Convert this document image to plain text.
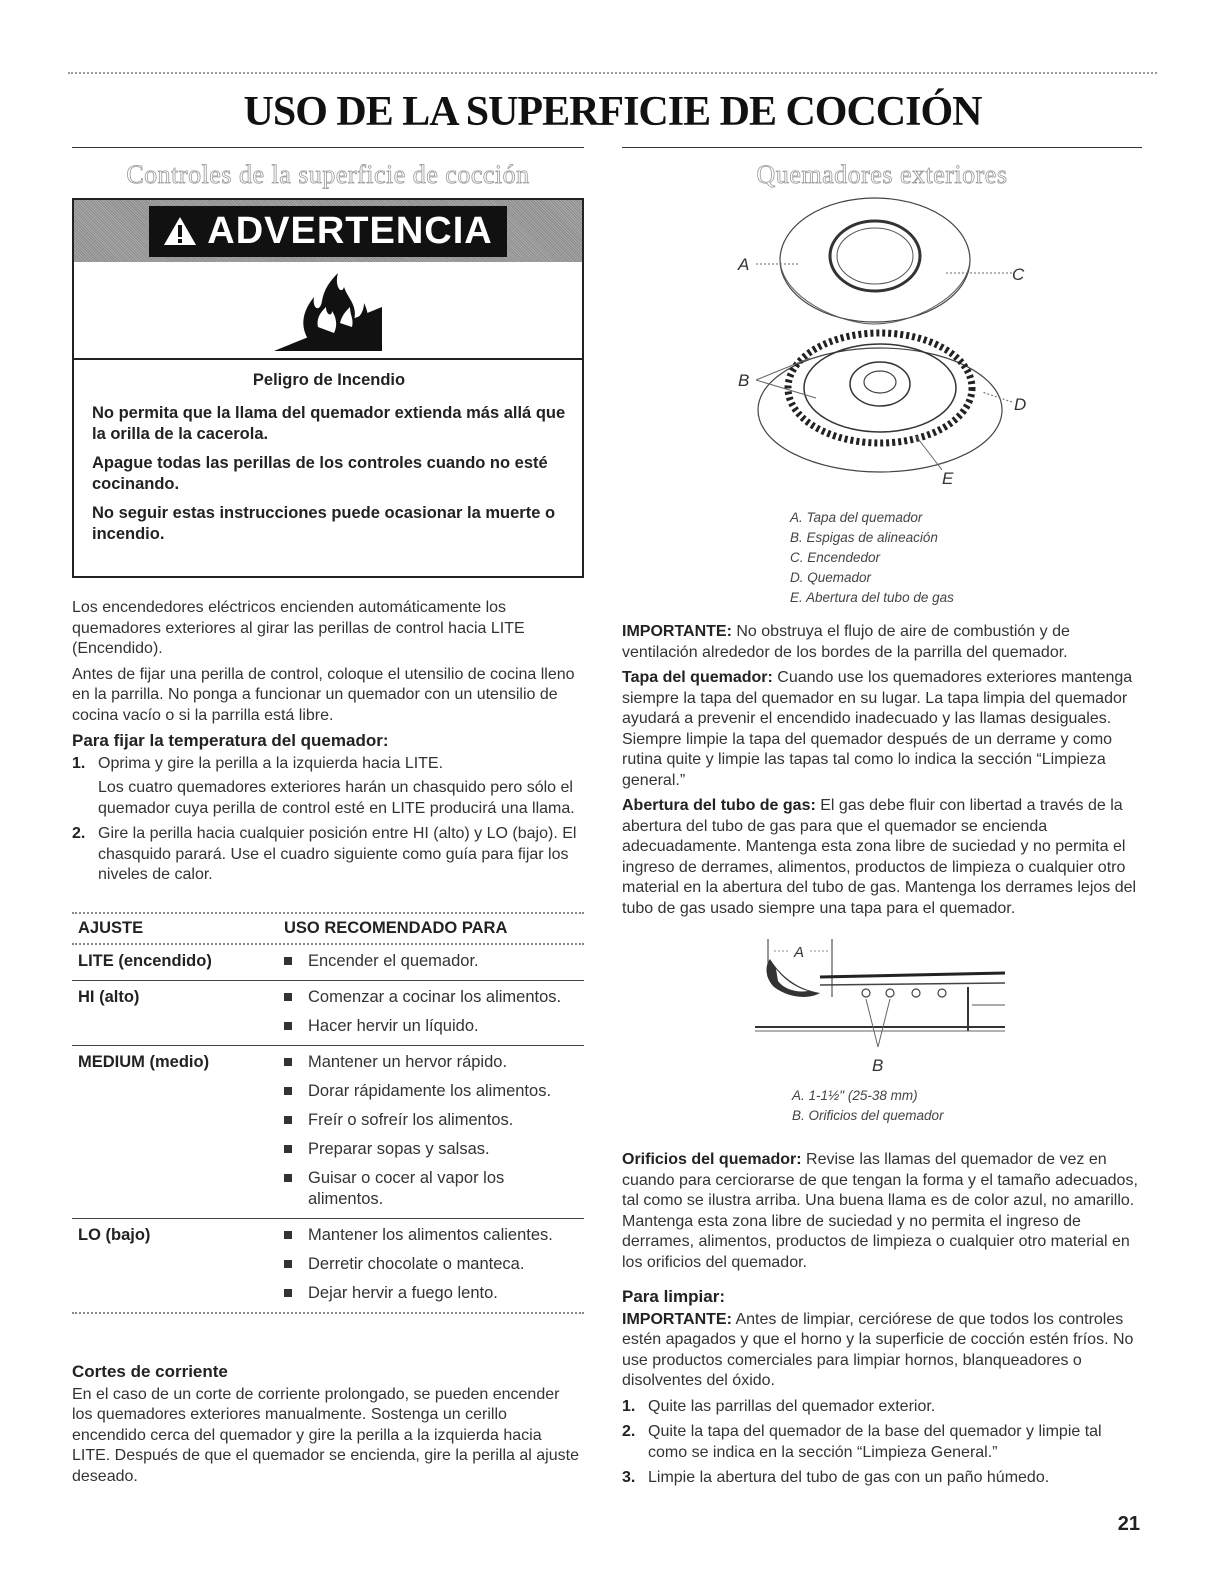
USO DE LA SUPERFICIE DE COCCIÓN
Controles de la superficie de cocción	Quemadores exteriores
ADVERTENCIA

Peligro de Incendio

No permita que la llama del quemador extienda más allá que la orilla de la cacerola.

Apague todas las perillas de los controles cuando no esté cocinando.

No seguir estas instrucciones puede ocasionar la muerte o incendio.

Los encendedores eléctricos encienden automáticamente los quemadores exteriores al girar las perillas de control hacia LITE (Encendido).

Antes de fijar una perilla de control, coloque el utensilio de cocina lleno en la parrilla. No ponga a funcionar un quemador con un utensilio de cocina vacío o si la parrilla está libre.

Para fijar la temperatura del quemador:
1. Oprima y gire la perilla a la izquierda hacia LITE.
Los cuatro quemadores exteriores harán un chasquido pero sólo el quemador cuya perilla de control esté en LITE producirá una llama.
2. Gire la perilla hacia cualquier posición entre HI (alto) y LO (bajo). El chasquido parará. Use el cuadro siguiente como guía para fijar los niveles de calor.
AJUSTE	USO RECOMENDADO PARA
LITE (encendido)	Encender el quemador.
HI (alto)	Comenzar a cocinar los alimentos.
Hacer hervir un líquido.
MEDIUM (medio)	Mantener un hervor rápido.
Dorar rápidamente los alimentos.
Freír o sofreír los alimentos.
Preparar sopas y salsas.
Guisar o cocer al vapor los alimentos.
LO (bajo)	Mantener los alimentos calientes.
Derretir chocolate o manteca.
Dejar hervir a fuego lento.
Cortes de corriente

En el caso de un corte de corriente prolongado, se pueden encender los quemadores exteriores manualmente. Sostenga un cerillo encendido cerca del quemador y gire la perilla a la izquierda hacia LITE. Después de que el quemador se encienda, gire la perilla al ajuste deseado.

A
B
C
D
E
A. Tapa del quemador
B. Espigas de alineación
C. Encendedor
D. Quemador
E. Abertura del tubo de gas

IMPORTANTE: No obstruya el flujo de aire de combustión y de ventilación alrededor de los bordes de la parrilla del quemador.

Tapa del quemador: Cuando use los quemadores exteriores mantenga siempre la tapa del quemador en su lugar. La tapa limpia del quemador ayudará a prevenir el encendido inadecuado y las llamas desiguales. Siempre limpie la tapa del quemador después de un derrame y como rutina quite y limpie las tapas tal como lo indica la sección “Limpieza general.”

Abertura del tubo de gas: El gas debe fluir con libertad a través de la abertura del tubo de gas para que el quemador se encienda adecuadamente. Mantenga esta zona libre de suciedad y no permita el ingreso de derrames, alimentos, productos de limpieza o cualquier otro material en la abertura del tubo de gas. Mantenga los derrames lejos del tubo de gas usado siempre una tapa para el quemador.

A
B
A. 1-1½" (25-38 mm)
B. Orificios del quemador

Orificios del quemador: Revise las llamas del quemador de vez en cuando para cerciorarse de que tengan la forma y el tamaño adecuados, tal como se ilustra arriba. Una buena llama es de color azul, no amarillo. Mantenga esta zona libre de suciedad y no permita el ingreso de derrames, alimentos, productos de limpieza o cualquier otro material en los orificios del quemador.

Para limpiar:

IMPORTANTE: Antes de limpiar, cerciórese de que todos los controles estén apagados y que el horno y la superficie de cocción estén fríos. No use productos comerciales para limpiar hornos, blanqueadores o disolventes del óxido.

1. Quite las parrillas del quemador exterior.
2. Quite la tapa del quemador de la base del quemador y limpie tal como se indica en la sección “Limpieza General.”
3. Limpie la abertura del tubo de gas con un paño húmedo.
21
